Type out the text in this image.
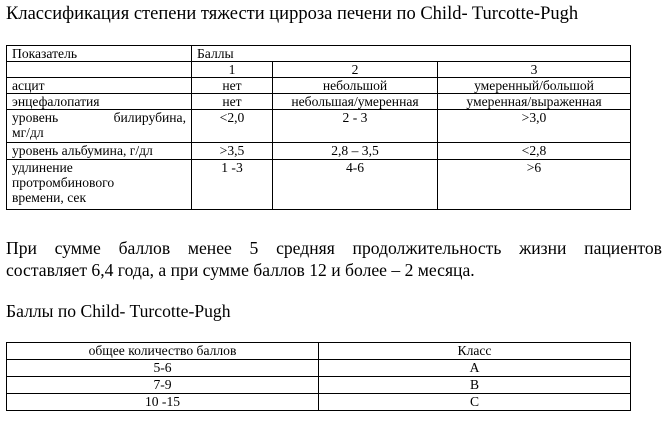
Классификация степени тяжести цирроза печени по Child- Turcotte-Pugh
Показатель	Баллы		
	1	2	3
асцит	нет	небольшой	умеренный/большой
энцефалопатия	нет	небольшая/умеренная	умеренная/выраженная

уровень билирубина,
мг/дл	<2,0	2 - 3	>3,0
уровень альбумина, г/дл	>3,5	2,8 – 3,5	<2,8

удлинение
протромбинового
времени, сек	1 -3	4-6	>6
При сумме баллов менее 5 средняя продолжительность жизни пациентов
составляет 6,4 года, а при сумме баллов 12 и более – 2 месяца.
Баллы по Child- Turcotte-Pugh
общее количество баллов	Класс
5-6	A
7-9	B
10 -15	C
